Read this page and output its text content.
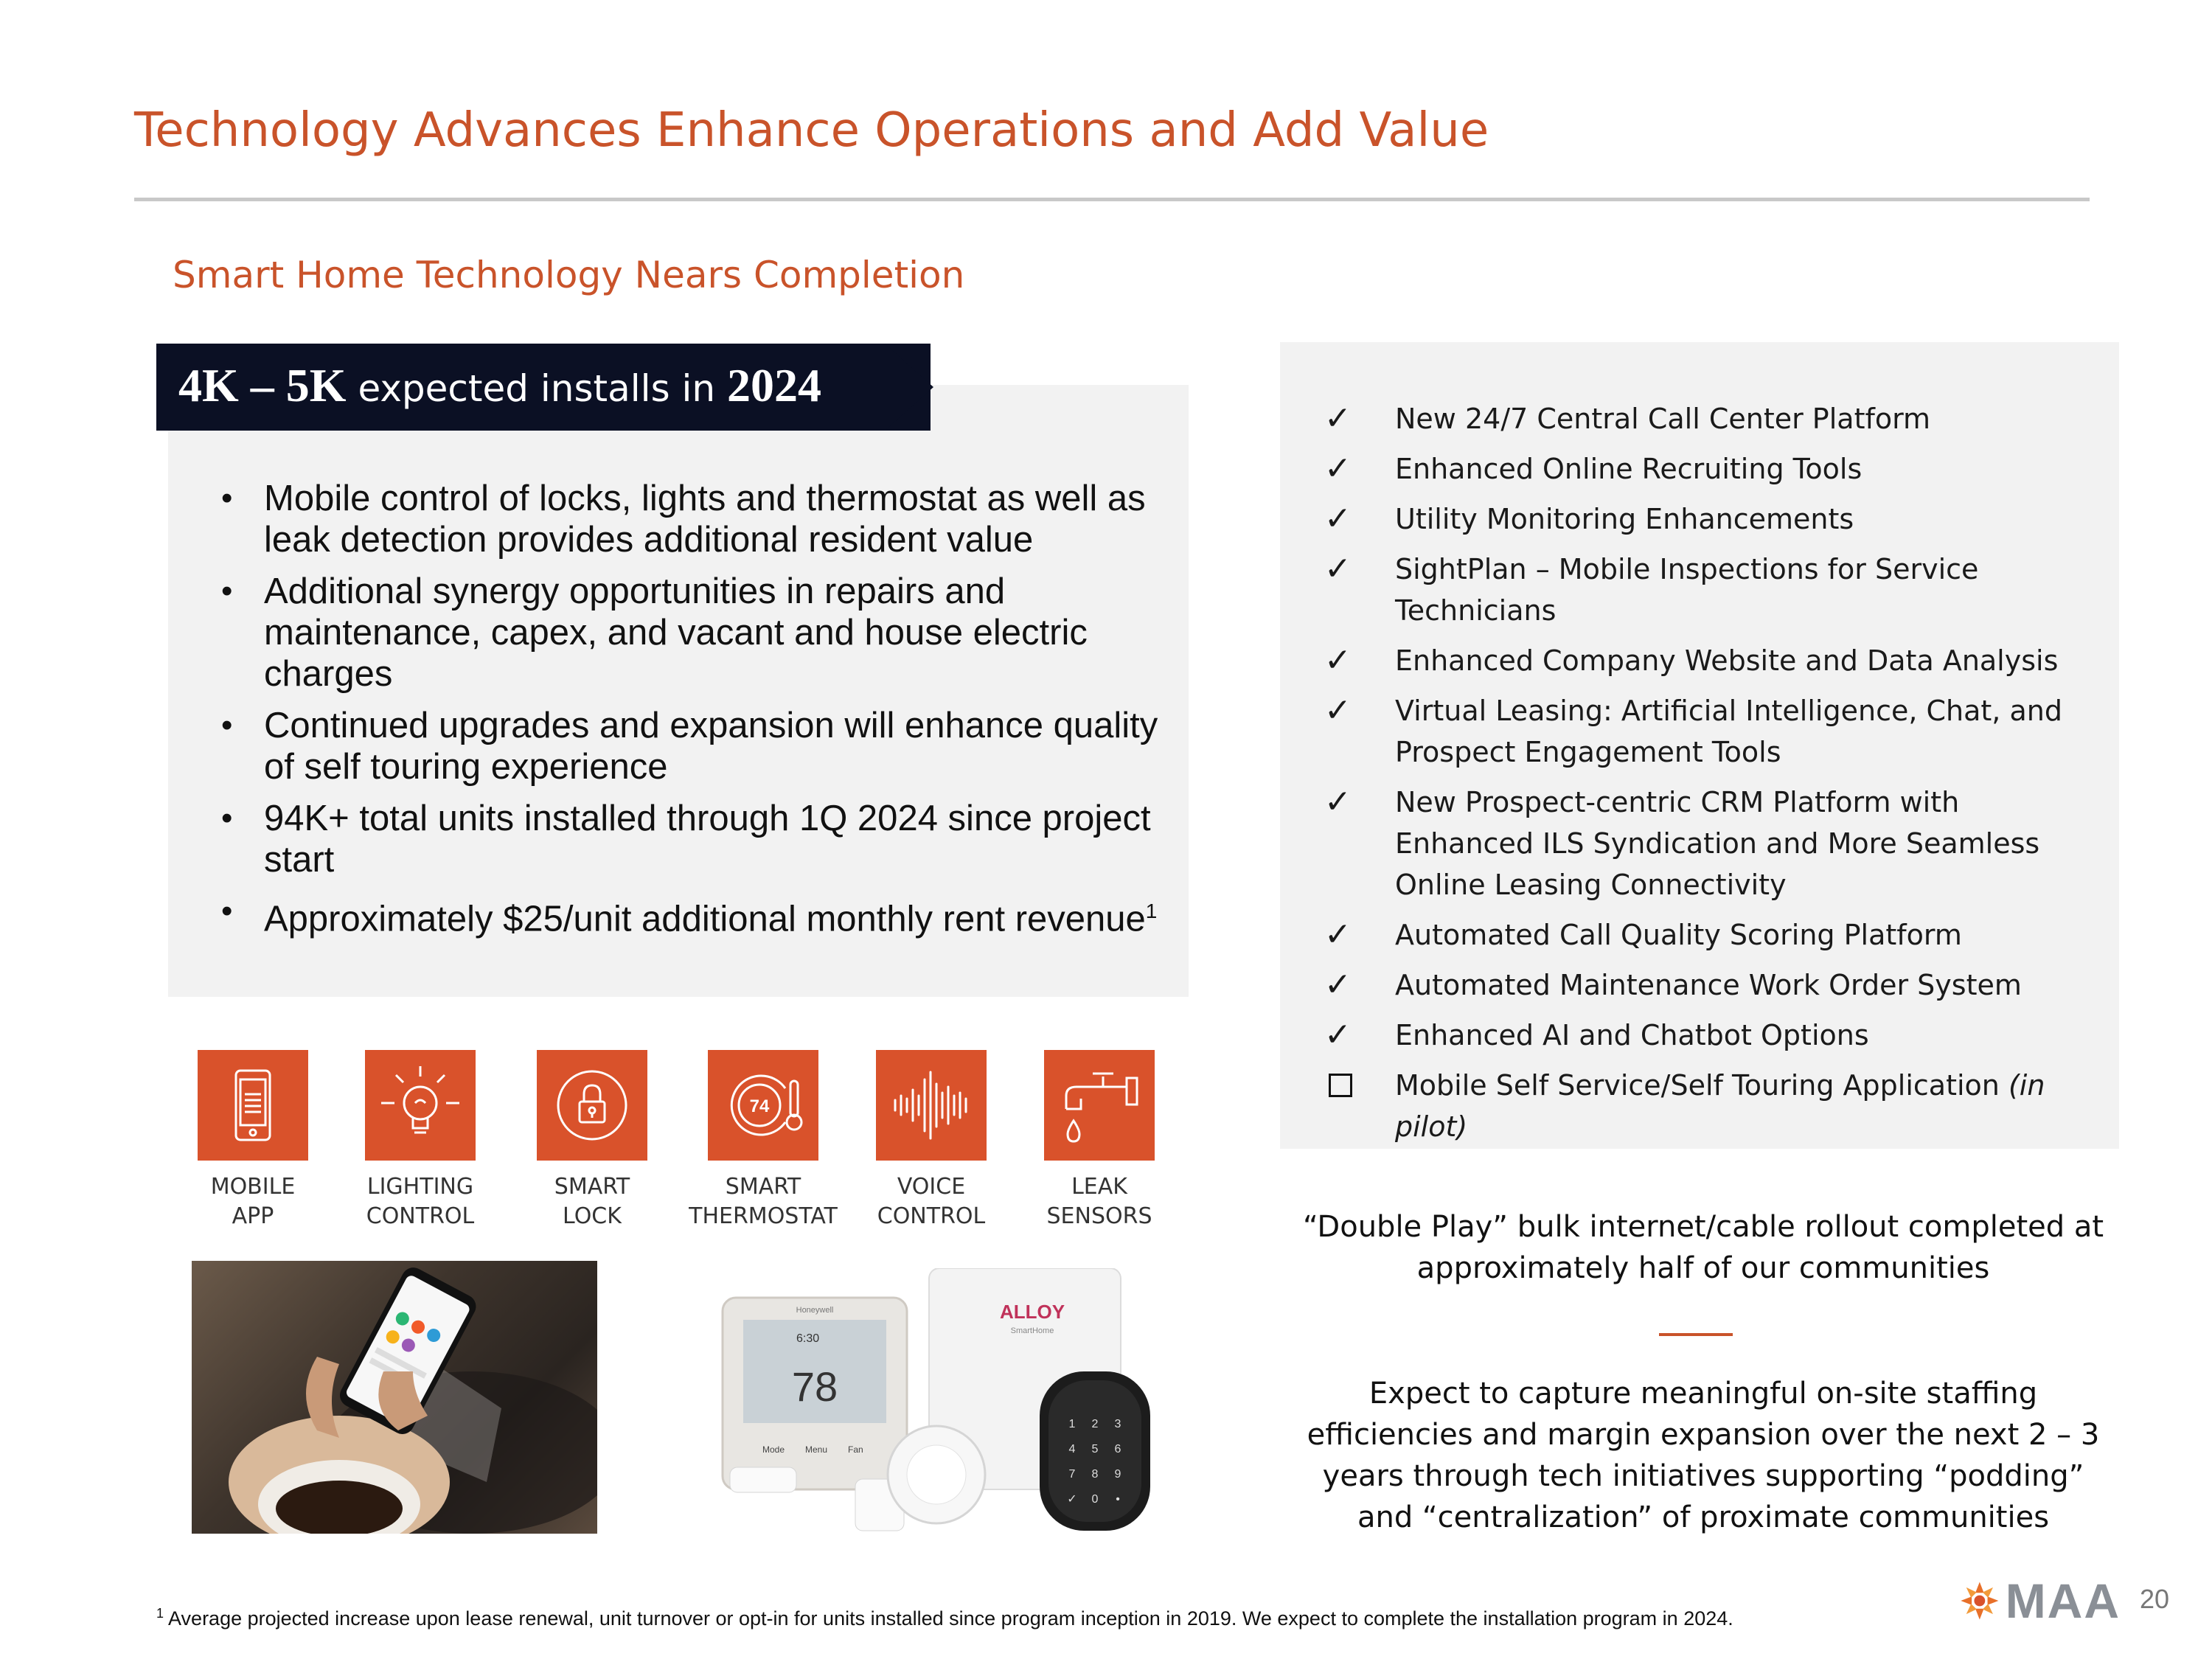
Technology Advances Enhance Operations and Add Value
Smart Home Technology Nears Completion
4K – 5K expected installs in 2024
• Mobile control of locks, lights and thermostat as well as leak detection provides additional resident value
• Additional synergy opportunities in repairs and maintenance, capex, and vacant and house electric charges
• Continued upgrades and expansion will enhance quality of self touring experience
• 94K+ total units installed through 1Q 2024 since project start
• Approximately $25/unit additional monthly rent revenue$^1$
74
MOBILE
APP
LIGHTING
CONTROL
SMART
LOCK
SMART
THERMOSTAT
VOICE
CONTROL
LEAK
SENSORS
ALLOY
SmartHome
Honeywell
6:30
78
Mode Menu Fan
1 2 3
4 5 6
7 8 9
✓ 0 •
✓ New 24/7 Central Call Center Platform
✓ Enhanced Online Recruiting Tools
✓ Utility Monitoring Enhancements
✓ SightPlan – Mobile Inspections for Service Technicians
✓ Enhanced Company Website and Data Analysis
✓ Virtual Leasing: Artificial Intelligence, Chat, and Prospect Engagement Tools
✓ New Prospect-centric CRM Platform with Enhanced ILS Syndication and More Seamless Online Leasing Connectivity
✓ Automated Call Quality Scoring Platform
✓ Automated Maintenance Work Order System
✓ Enhanced AI and Chatbot Options
Mobile Self Service/Self Touring Application (in pilot)
“Double Play” bulk internet/cable rollout completed at approximately half of our communities
Expect to capture meaningful on-site staffing efficiencies and margin expansion over the next 2 – 3 years through tech initiatives supporting “podding” and “centralization” of proximate communities
$^1$ Average projected increase upon lease renewal, unit turnover or opt-in for units installed since program inception in 2019. We expect to complete the installation program in 2024.	MAA 20
